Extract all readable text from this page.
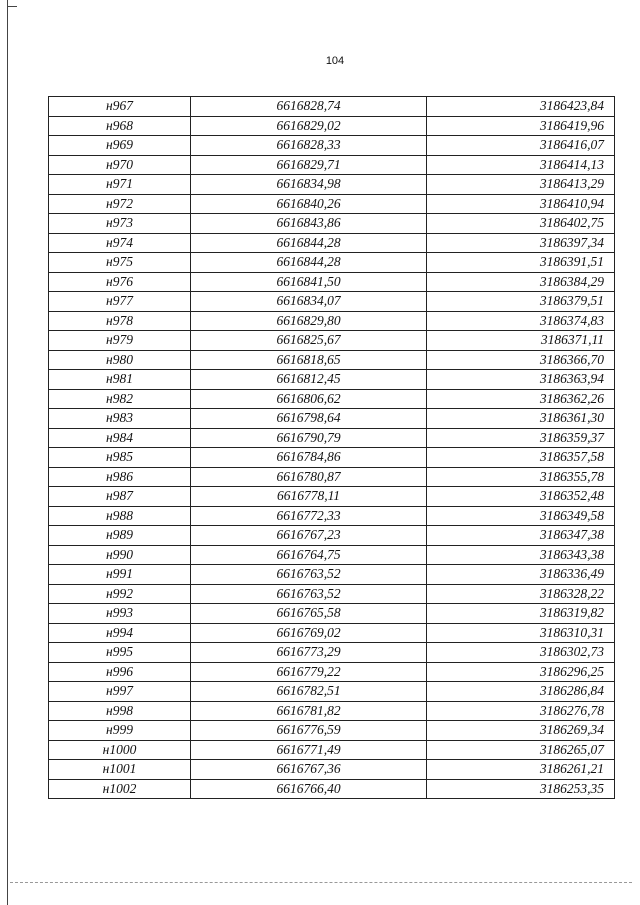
104
н967	6616828,74	3186423,84
н968	6616829,02	3186419,96
н969	6616828,33	3186416,07
н970	6616829,71	3186414,13
н971	6616834,98	3186413,29
н972	6616840,26	3186410,94
н973	6616843,86	3186402,75
н974	6616844,28	3186397,34
н975	6616844,28	3186391,51
н976	6616841,50	3186384,29
н977	6616834,07	3186379,51
н978	6616829,80	3186374,83
н979	6616825,67	3186371,11
н980	6616818,65	3186366,70
н981	6616812,45	3186363,94
н982	6616806,62	3186362,26
н983	6616798,64	3186361,30
н984	6616790,79	3186359,37
н985	6616784,86	3186357,58
н986	6616780,87	3186355,78
н987	6616778,11	3186352,48
н988	6616772,33	3186349,58
н989	6616767,23	3186347,38
н990	6616764,75	3186343,38
н991	6616763,52	3186336,49
н992	6616763,52	3186328,22
н993	6616765,58	3186319,82
н994	6616769,02	3186310,31
н995	6616773,29	3186302,73
н996	6616779,22	3186296,25
н997	6616782,51	3186286,84
н998	6616781,82	3186276,78
н999	6616776,59	3186269,34
н1000	6616771,49	3186265,07
н1001	6616767,36	3186261,21
н1002	6616766,40	3186253,35
